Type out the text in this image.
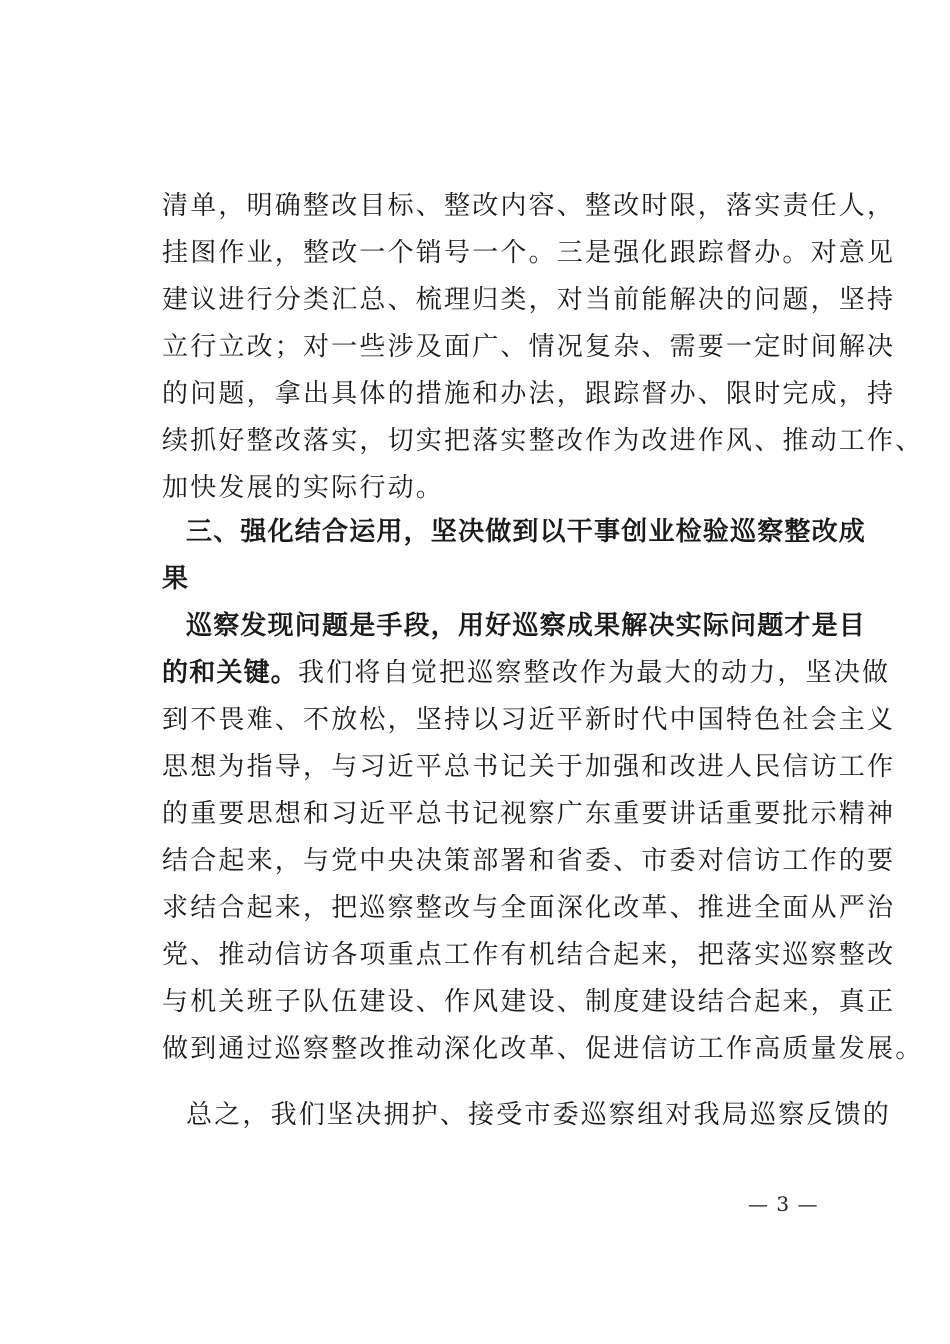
清单，明确整改目标、整改内容、整改时限，落实责任人，
挂图作业，整改一个销号一个。三是强化跟踪督办。对意见
建议进行分类汇总、梳理归类，对当前能解决的问题，坚持
立行立改；对一些涉及面广、情况复杂、需要一定时间解决
的问题，拿出具体的措施和办法，跟踪督办、限时完成，持
续抓好整改落实，切实把落实整改作为改进作风、推动工作、
加快发展的实际行动。
三、强化结合运用，坚决做到以干事创业检验巡察整改成
果
巡察发现问题是手段，用好巡察成果解决实际问题才是目
的和关键。我们将自觉把巡察整改作为最大的动力，坚决做
到不畏难、不放松，坚持以习近平新时代中国特色社会主义
思想为指导，与习近平总书记关于加强和改进人民信访工作
的重要思想和习近平总书记视察广东重要讲话重要批示精神
结合起来，与党中央决策部署和省委、市委对信访工作的要
求结合起来，把巡察整改与全面深化改革、推进全面从严治
党、推动信访各项重点工作有机结合起来，把落实巡察整改
与机关班子队伍建设、作风建设、制度建设结合起来，真正
做到通过巡察整改推动深化改革、促进信访工作高质量发展。
总之，我们坚决拥护、接受市委巡察组对我局巡察反馈的
— 3 —
